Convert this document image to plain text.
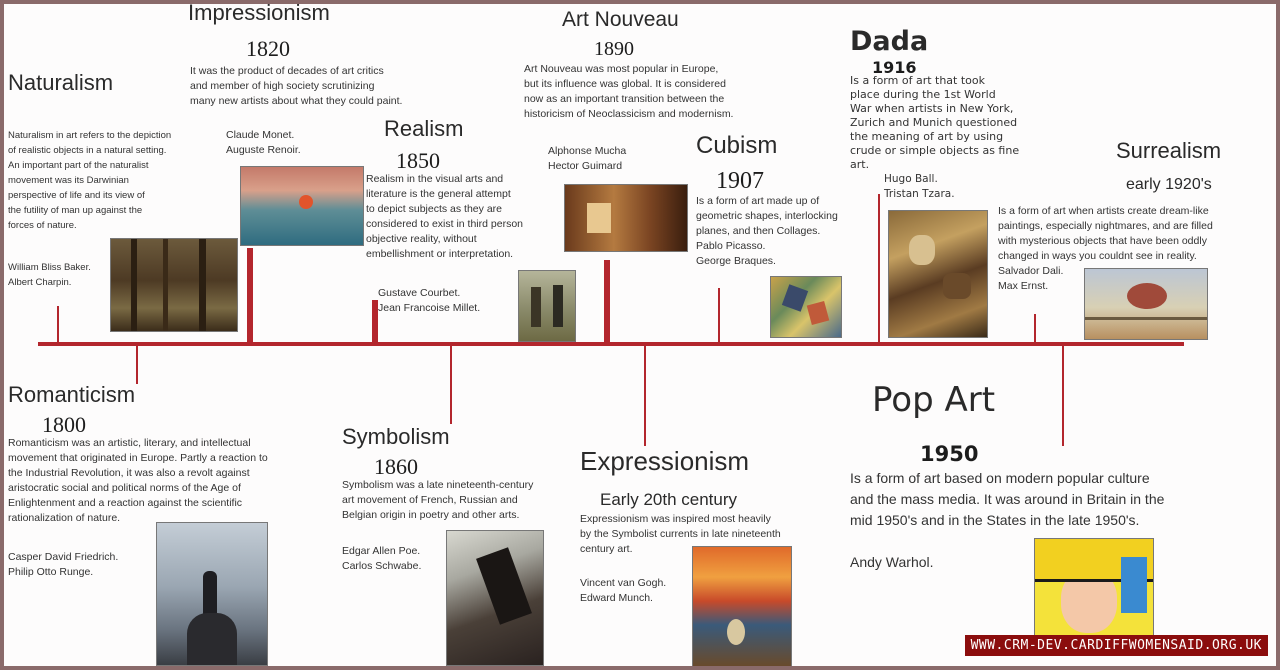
Naturalism
Naturalism in art refers to the depiction
of realistic objects in a natural setting.
An important part of the naturalist
movement was its Darwinian
perspective of life and its view of
the futility of man up against the
forces of nature.
William Bliss Baker.
Albert Charpin.
Impressionism
1820
It was the product of decades of art critics
and member of high society scrutinizing
many new artists about what they could paint.
Claude Monet.
Auguste Renoir.
Realism
1850
Realism in the visual arts and
literature is the general attempt
to depict subjects as they are
considered to exist in third person
objective reality, without
embellishment or interpretation.
Gustave Courbet.
Jean Francoise Millet.
Art Nouveau
1890
Art Nouveau was most popular in Europe,
but its influence was global. It is considered
now as an important transition between the
historicism of Neoclassicism and modernism.
Alphonse Mucha
Hector Guimard
Cubism
1907
Is a form of art made up of
geometric shapes, interlocking
planes, and then Collages.
Pablo Picasso.
George Braques.
Dada
1916
Is a form of art that took
place during the 1st World
War when artists in New York,
Zurich and Munich questioned
the meaning of art by using
crude or simple objects as fine
art.
Hugo Ball.
Tristan Tzara.
Surrealism
early 1920's
Is a form of art when artists create dream-like
paintings, especially nightmares, and are filled
with mysterious objects that have been oddly
changed in ways you couldnt see in reality.
Salvador Dali.
Max Ernst.
Romanticism
1800
Romanticism was an artistic, literary, and intellectual
movement that originated in Europe. Partly a reaction to
the Industrial Revolution, it was also a revolt against
aristocratic social and political norms of the Age of
Enlightenment and a reaction against the scientific
rationalization of nature.
Casper David Friedrich.
Philip Otto Runge.
Symbolism
1860
Symbolism was a late nineteenth-century
art movement of French, Russian and
Belgian origin in poetry and other arts.
Edgar Allen Poe.
Carlos Schwabe.
Expressionism
Early 20th century
Expressionism was inspired most heavily
by the Symbolist currents in late nineteenth
century art.
Vincent van Gogh.
Edward Munch.
Pop Art
1950
Is a form of art based on modern popular culture
and the mass media. It was around in Britain in the
mid 1950's and in the States in the late 1950's.
Andy Warhol.
WWW.CRM-DEV.CARDIFFWOMENSAID.ORG.UK
